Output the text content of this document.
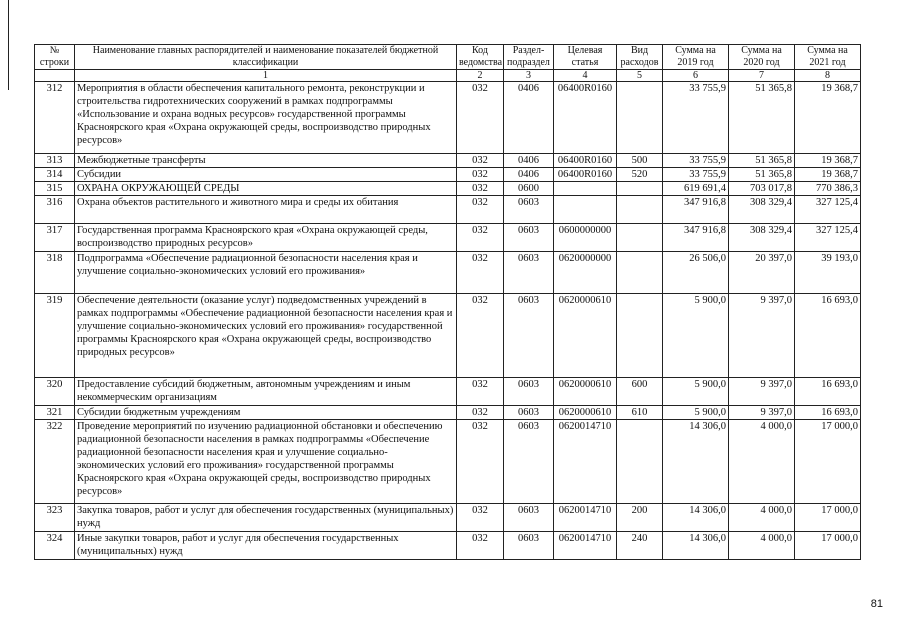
№ строки	Наименование главных распорядителей и наименование показателей бюджетной классификации	Код ведомства	Раздел-подраздел	Целевая статья	Вид расходов	Сумма на 2019 год	Сумма на 2020 год	Сумма на 2021 год
	1	2	3	4	5	6	7	8
312	Мероприятия в области обеспечения капитального ремонта, реконструкции и строительства гидротехнических сооружений в рамках подпрограммы «Использование и охрана водных ресурсов» государственной программы Красноярского края «Охрана окружающей среды, воспроизводство природных ресурсов»	032	0406	06400R0160		33 755,9	51 365,8	19 368,7
313	Межбюджетные трансферты	032	0406	06400R0160	500	33 755,9	51 365,8	19 368,7
314	Субсидии	032	0406	06400R0160	520	33 755,9	51 365,8	19 368,7
315	ОХРАНА ОКРУЖАЮЩЕЙ СРЕДЫ	032	0600			619 691,4	703 017,8	770 386,3
316	Охрана объектов растительного и животного мира и среды их обитания	032	0603			347 916,8	308 329,4	327 125,4
317	Государственная программа Красноярского края «Охрана окружающей среды, воспроизводство природных ресурсов»	032	0603	0600000000		347 916,8	308 329,4	327 125,4
318	Подпрограмма «Обеспечение радиационной безопасности населения края и улучшение социально-экономических условий его проживания»	032	0603	0620000000		26 506,0	20 397,0	39 193,0
319	Обеспечение деятельности (оказание услуг) подведомственных учреждений в рамках подпрограммы «Обеспечение радиационной безопасности населения края и улучшение социально-экономических условий его проживания» государственной программы Красноярского края «Охрана окружающей среды, воспроизводство природных ресурсов»	032	0603	0620000610		5 900,0	9 397,0	16 693,0
320	Предоставление субсидий бюджетным, автономным учреждениям и иным некоммерческим организациям	032	0603	0620000610	600	5 900,0	9 397,0	16 693,0
321	Субсидии бюджетным учреждениям	032	0603	0620000610	610	5 900,0	9 397,0	16 693,0
322	Проведение мероприятий по изучению радиационной обстановки и обеспечению радиационной безопасности населения в рамках подпрограммы «Обеспечение радиационной безопасности населения края и улучшение социально-экономических условий его проживания» государственной программы Красноярского края «Охрана окружающей среды, воспроизводство природных ресурсов»	032	0603	0620014710		14 306,0	4 000,0	17 000,0
323	Закупка товаров, работ и услуг для обеспечения государственных (муниципальных) нужд	032	0603	0620014710	200	14 306,0	4 000,0	17 000,0
324	Иные закупки товаров, работ и услуг для обеспечения государственных (муниципальных) нужд	032	0603	0620014710	240	14 306,0	4 000,0	17 000,0
81
